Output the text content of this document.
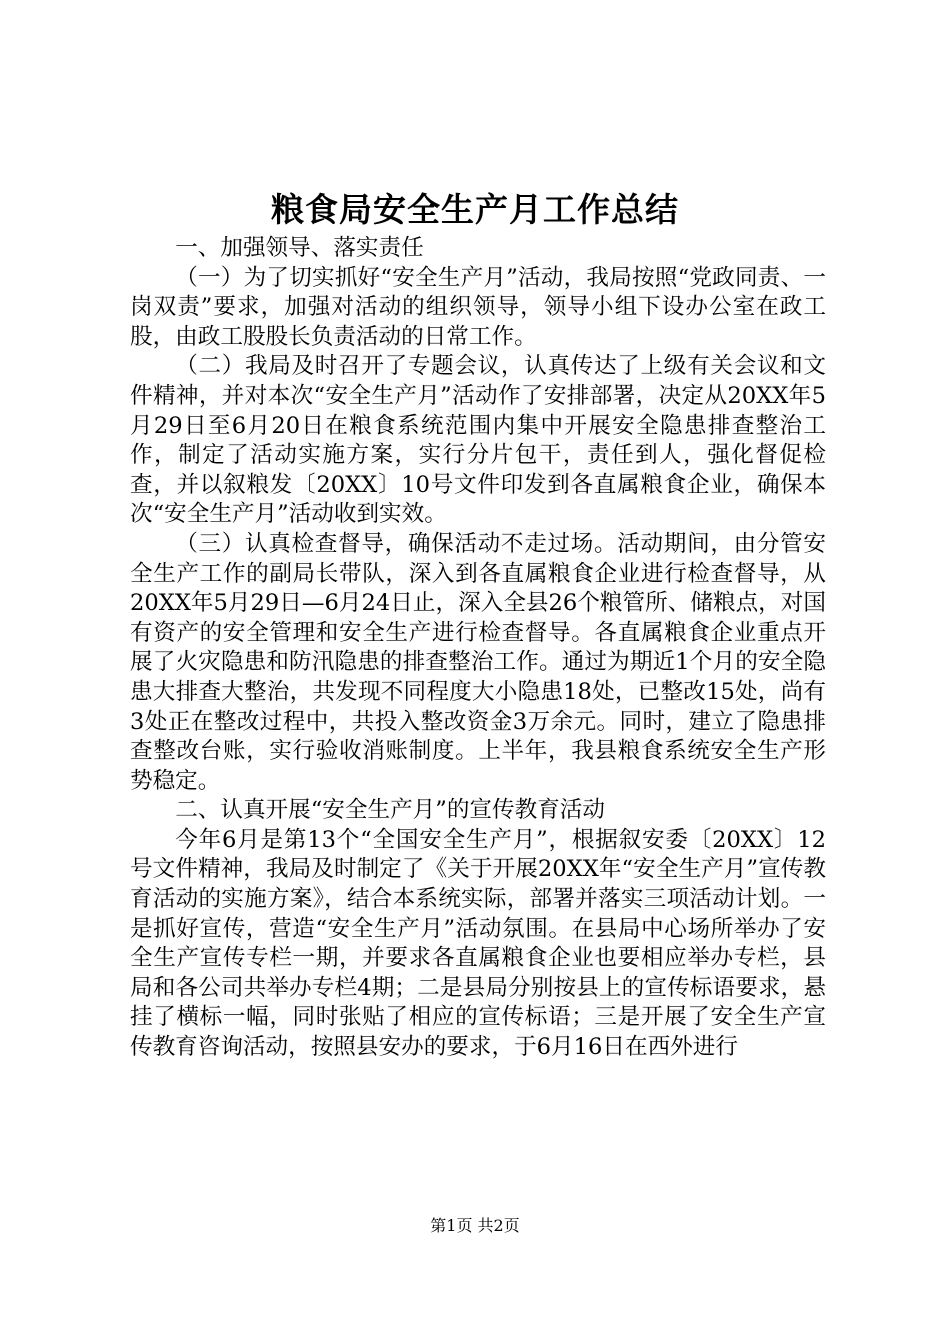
粮食局安全生产月工作总结

一、加强领导、落实责任

（一）为了切实抓好“安全生产月”活动，我局按照“党政同责、一岗双责”要求，加强对活动的组织领导，领导小组下设办公室在政工股，由政工股股长负责活动的日常工作。

（二）我局及时召开了专题会议，认真传达了上级有关会议和文件精神，并对本次“安全生产月”活动作了安排部署，决定从20XX年5月29日至6月20日在粮食系统范围内集中开展安全隐患排查整治工作，制定了活动实施方案，实行分片包干，责任到人，强化督促检查，并以叙粮发〔20XX〕10号文件印发到各直属粮食企业，确保本次“安全生产月”活动收到实效。

（三）认真检查督导，确保活动不走过场。活动期间，由分管安全生产工作的副局长带队，深入到各直属粮食企业进行检查督导，从20XX年5月29日—6月24日止，深入全县26个粮管所、储粮点，对国有资产的安全管理和安全生产进行检查督导。各直属粮食企业重点开展了火灾隐患和防汛隐患的排查整治工作。通过为期近1个月的安全隐患大排查大整治，共发现不同程度大小隐患18处，已整改15处，尚有3处正在整改过程中，共投入整改资金3万余元。同时，建立了隐患排查整改台账，实行验收消账制度。上半年，我县粮食系统安全生产形势稳定。

二、认真开展“安全生产月”的宣传教育活动

今年6月是第13个“全国安全生产月”，根据叙安委〔20XX〕12号文件精神，我局及时制定了《关于开展20XX年“安全生产月”宣传教育活动的实施方案》，结合本系统实际，部署并落实三项活动计划。一是抓好宣传，营造“安全生产月”活动氛围。在县局中心场所举办了安全生产宣传专栏一期，并要求各直属粮食企业也要相应举办专栏，县局和各公司共举办专栏4期；二是县局分别按县上的宣传标语要求，悬挂了横标一幅，同时张贴了相应的宣传标语；三是开展了安全生产宣传教育咨询活动，按照县安办的要求，于6月16日在西外进行

第1页 共2页
